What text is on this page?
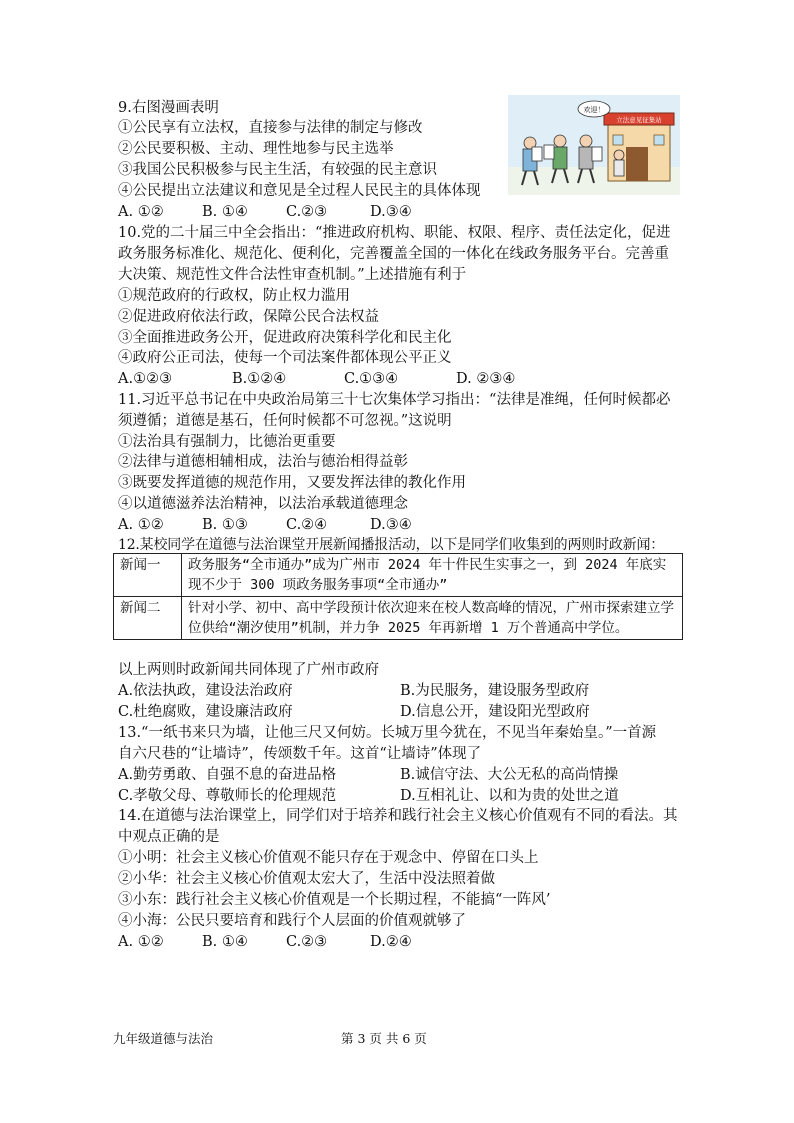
9.右图漫画表明
①公民享有立法权，直接参与法律的制定与修改
②公民要积极、主动、理性地参与民主选举
③我国公民积极参与民主生活，有较强的民主意识
④公民提出立法建议和意见是全过程人民民主的具体体现
A. ①②	B. ①④	C.②③	D.③④
立法意见征集站
欢迎！
10.党的二十届三中全会指出：“推进政府机构、职能、权限、程序、责任法定化，促进
政务服务标准化、规范化、便利化，完善覆盖全国的一体化在线政务服务平台。完善重
大决策、规范性文件合法性审查机制。”上述措施有利于
①规范政府的行政权，防止权力滥用
②促进政府依法行政，保障公民合法权益
③全面推进政务公开，促进政府决策科学化和民主化
④政府公正司法，使每一个司法案件都体现公平正义
A.①②③	B.①②④	C.①③④	D. ②③④
11.习近平总书记在中央政治局第三十七次集体学习指出：“法律是准绳，任何时候都必
须遵循；道德是基石，任何时候都不可忽视。”这说明
①法治具有强制力，比德治更重要
②法律与道德相辅相成，法治与德治相得益彰
③既要发挥道德的规范作用，又要发挥法律的教化作用
④以道德滋养法治精神，以法治承载道德理念
A. ①②	B. ①③	C.②④	D.③④
12.某校同学在道德与法治课堂开展新闻播报活动，以下是同学们收集到的两则时政新闻：
新闻一	政务服务“全市通办”成为广州市 2024 年十件民生实事之一，到 2024 年底实现不少于 300 项政务服务事项“全市通办”
新闻二	针对小学、初中、高中学段预计依次迎来在校人数高峰的情况，广州市探索建立学位供给“潮汐使用”机制，并力争 2025 年再新增 1 万个普通高中学位。
以上两则时政新闻共同体现了广州市政府
A.依法执政，建设法治政府	B.为民服务，建设服务型政府
C.杜绝腐败，建设廉洁政府	D.信息公开，建设阳光型政府
13.“一纸书来只为墙，让他三尺又何妨。长城万里今犹在，不见当年秦始皇。”一首源
自六尺巷的“让墙诗”，传颂数千年。这首“让墙诗”体现了
A.勤劳勇敢、自强不息的奋进品格	B.诚信守法、大公无私的高尚情操
C.孝敬父母、尊敬师长的伦理规范	D.互相礼让、以和为贵的处世之道
14.在道德与法治课堂上，同学们对于培养和践行社会主义核心价值观有不同的看法。其
中观点正确的是
①小明：社会主义核心价值观不能只存在于观念中、停留在口头上
②小华：社会主义核心价值观太宏大了，生活中没法照着做
③小东：践行社会主义核心价值观是一个长期过程，不能搞“一阵风’
④小海：公民只要培育和践行个人层面的价值观就够了
A. ①②	B. ①④	C.②③	D.②④
九年级道德与法治	第 3 页 共 6 页
